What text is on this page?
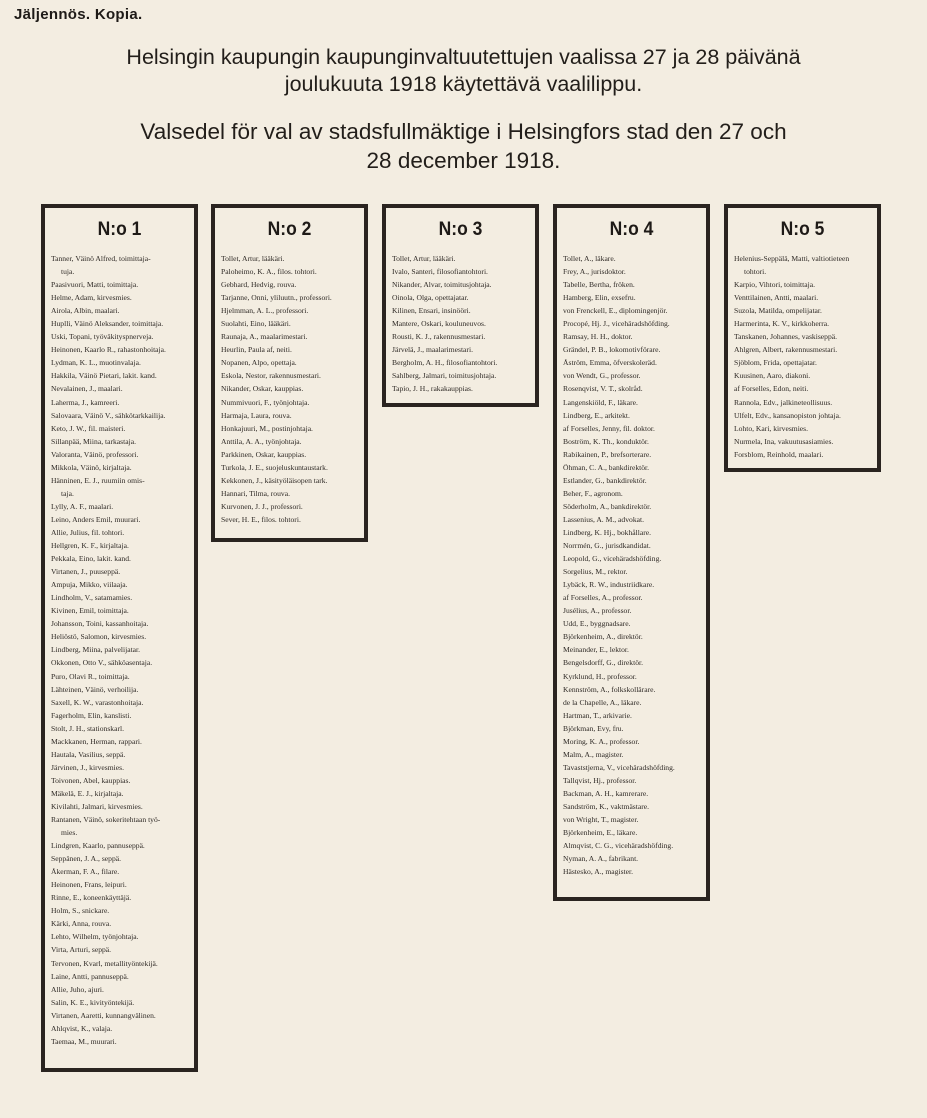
Jäljennös. Kopia.
Helsingin kaupungin kaupunginvaltuutettujen vaalissa 27 ja 28 päivänä
joulukuuta 1918 käytettävä vaalilippu.
Valsedel för val av stadsfullmäktige i Helsingfors stad den 27 och
28 december 1918.
N:o 1
Tanner, Väinö Alfred, toimittaja-
tuja.
Paasivuori, Matti, toimittaja.
Helme, Adam, kirvesmies.
Airola, Albin, maalari.
Huplli, Väinö Aleksander, toimittaja.
Uski, Topani, työväkityspnerveja.
Heinonen, Kaarlo R., rahastonhoitaja.
Lydman, K. L., muotinvalaja.
Hakkila, Väinö Pietari, lakit. kand.
Nevalainen, J., maalari.
Laherma, J., kamreeri.
Salovaara, Väinö V., sähkötarkkailija.
Keto, J. W., fil. maisteri.
Sillanpää, Miina, tarkastaja.
Valoranta, Väinö, professori.
Mikkola, Väinö, kirjaltaja.
Hänninen, E. J., ruumiin omis-
taja.
Lylly, A. F., maalari.
Leino, Anders Emil, muurari.
Allie, Julius, fil. tohtori.
Hellgren, K. F., kirjaltaja.
Pekkala, Eino, lakit. kand.
Virtanen, J., puuseppä.
Ampuja, Mikko, viilaaja.
Lindholm, V., satamamies.
Kivinen, Emil, toimittaja.
Johansson, Toini, kassanhoitaja.
Heliöstö, Salomon, kirvesmies.
Lindberg, Miina, palvelijatar.
Okkonen, Otto V., sähköasentaja.
Puro, Olavi R., toimittaja.
Lähteinen, Väinö, verhoilija.
Saxell, K. W., varastonhoitaja.
Fagerholm, Elin, kanslisti.
Stolt, J. H., stationskarl.
Mackkanen, Herman, rappari.
Hautala, Vasilius, seppä.
Järvinen, J., kirvesmies.
Toivonen, Abel, kauppias.
Mäkelä, E. J., kirjaltaja.
Kivilahti, Jalmari, kirvesmies.
Rantanen, Väinö, sokeritehtaan työ-
mies.
Lindgren, Kaarlo, pannuseppä.
Seppänen, J. A., seppä.
Åkerman, F. A., filare.
Heinonen, Frans, leipuri.
Rinne, E., koneenkäyttäjä.
Holm, S., snickare.
Kärki, Anna, rouva.
Lehto, Wilhelm, työnjohtaja.
Virta, Arturi, seppä.
Tervonen, Kvarl, metallityöntekijä.
Laine, Antti, pannuseppä.
Allie, Juho, ajuri.
Salin, K. E., kivityöntekijä.
Virtanen, Aaretti, kunnangvälinen.
Ahlqvist, K., valaja.
Taemaa, M., muurari.
N:o 2
Tollet, Artur, lääkäri.
Paloheimo, K. A., filos. tohtori.
Gebhard, Hedvig, rouva.
Tarjanne, Onni, yliluutn., professori.
Hjelmman, A. L., professori.
Suolahti, Eino, lääkäri.
Raunaja, A., maalarimestari.
Heurlin, Paula af, neiti.
Nopanen, Alpo, opettaja.
Eskola, Nestor, rakennusmestari.
Nikander, Oskar, kauppias.
Nummivuori, F., työnjohtaja.
Harmaja, Laura, rouva.
Honkajuuri, M., postinjohtaja.
Anttila, A. A., työnjohtaja.
Parkkinen, Oskar, kauppias.
Turkola, J. E., suojeluskuntaustark.
Kekkonen, J., käsityöläisopen tark.
Hannari, Tilma, rouva.
Kurvonen, J. J., professori.
Sever, H. E., filos. tohtori.
N:o 3
Tollet, Artur, lääkäri.
Ivalo, Santeri, filosofiantohtori.
Nikander, Alvar, toimitusjohtaja.
Oinola, Olga, opettajatar.
Kilinen, Ensari, insinööri.
Mantere, Oskari, kouluneuvos.
Rousti, K. J., rakennusmestari.
Järvelä, J., maalarimestari.
Bergholm, A. H., filosofiantohtori.
Sahlberg, Jalmari, toimitusjohtaja.
Tapio, J. H., rakakauppias.
N:o 4
Tollet, A., läkare.
Frey, A., jurisdoktor.
Tabelle, Bertha, fröken.
Hamberg, Elin, exsefru.
von Frenckell, E., diplomingenjör.
Procopé, Hj. J., vicehäradshöfding.
Ramsay, H. H., doktor.
Grändel, P. B., lokomotivförare.
Åström, Emma, öfverskoleräd.
von Wendt, G., professor.
Rosenqvist, V. T., skolråd.
Langenskiöld, F., läkare.
Lindberg, E., arkitekt.
af Forselles, Jenny, fil. doktor.
Boström, K. Th., konduktör.
Rabikainen, P., brefsorterare.
Öhman, C. A., bankdirektör.
Estlander, G., bankdirektör.
Beher, F., agronom.
Söderholm, A., bankdirektör.
Lassenius, A. M., advokat.
Lindberg, K. Hj., bokhållare.
Norrmén, G., jurisdkandidat.
Leopold, G., vicehäradshöfding.
Sorgelius, M., rektor.
Lybäck, R. W., industriidkare.
af Forselles, A., professor.
Jusélius, A., professor.
Udd, E., byggnadsare.
Björkenheim, A., direktör.
Meinander, E., lektor.
Bengelsdorff, G., direktör.
Kyrklund, H., professor.
Kennström, A., folkskollärare.
de la Chapelle, A., läkare.
Hartman, T., arkivarie.
Björkman, Evy, fru.
Moring, K. A., professor.
Malm, A., magister.
Tavaststjerna, V., vicehäradshöfding.
Tallqvist, Hj., professor.
Backman, A. H., kamrerare.
Sandström, K., vaktmästare.
von Wright, T., magister.
Björkenheim, E., läkare.
Almqvist, C. G., vicehäradshöfding.
Nyman, A. A., fabrikant.
Hästesko, A., magister.
N:o 5
Helenius-Seppälä, Matti, valtiotieteen
tohtori.
Karpio, Vihtori, toimittaja.
Venttilainen, Antti, maalari.
Suzola, Matilda, ompelijatar.
Harmerinta, K. V., kirkkoherra.
Tanskanen, Johannes, vaskiseppä.
Ahlgren, Albert, rakennusmestari.
Sjöblom, Frida, opettajatar.
Kuusinen, Aaro, diakoni.
af Forselles, Edon, neiti.
Rannola, Edv., jalkineteollisuus.
Ulfelt, Edv., kansanopiston johtaja.
Lohto, Kari, kirvesmies.
Nurmela, Ina, vakuutusasiamies.
Forsblom, Reinhold, maalari.
